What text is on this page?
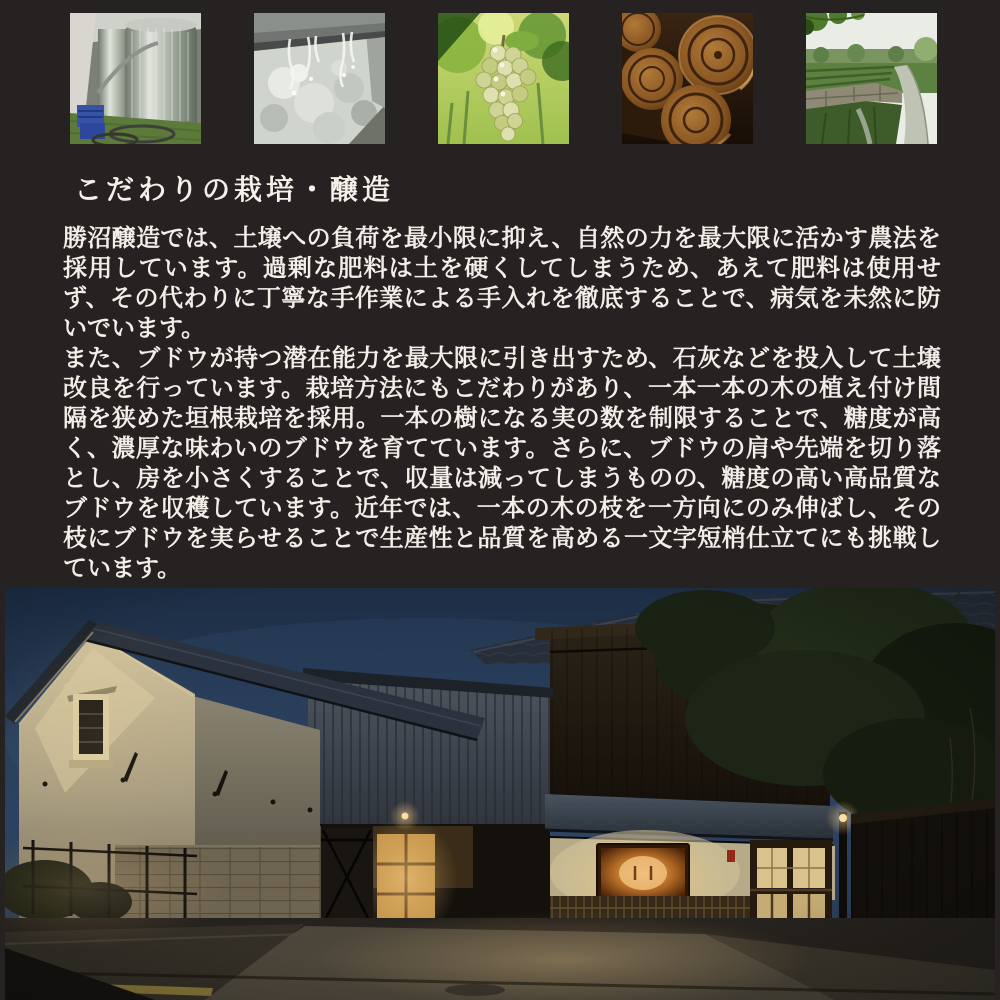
こだわりの栽培・醸造

勝沼醸造では、土壌への負荷を最小限に抑え、自然の力を最大限に活かす農法を採用しています。過剰な肥料は土を硬くしてしまうため、あえて肥料は使用せず、その代わりに丁寧な手作業による手入れを徹底することで、病気を未然に防いでいます。

また、ブドウが持つ潜在能力を最大限に引き出すため、石灰などを投入して土壌改良を行っています。栽培方法にもこだわりがあり、一本一本の木の植え付け間隔を狭めた垣根栽培を採用。一本の樹になる実の数を制限することで、糖度が高く、濃厚な味わいのブドウを育てています。さらに、ブドウの肩や先端を切り落とし、房を小さくすることで、収量は減ってしまうものの、糖度の高い高品質なブドウを収穫しています。近年では、一本の木の枝を一方向にのみ伸ばし、その枝にブドウを実らせることで生産性と品質を高める一文字短梢仕立てにも挑戦しています。
